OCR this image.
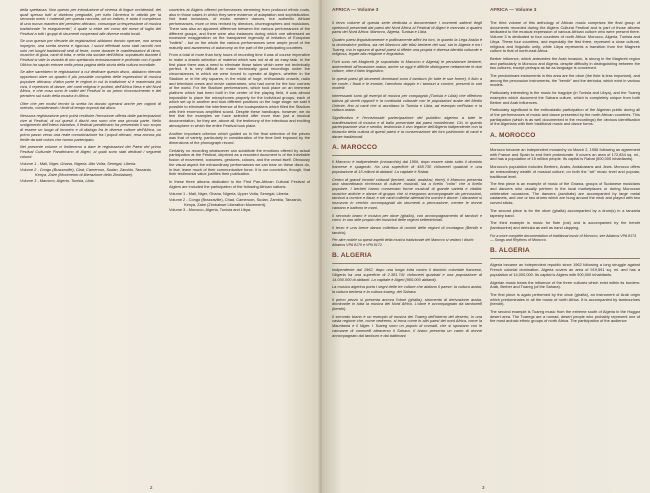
della spettanza. Non questo per introduzione di cinema di lingue occidentali, dei quali spesso tutti si dividono pregiudizi, per tutto l'America in attività per la seconda metà. I materiali per questa raccolta, ad un indizio, è stato il complesso di una nuova maniera del pensiero africano, comunque un'espressione di musica tradizionale "in eseguimento", il quale si ebbe nel corso del mese di luglio del Festival a tutti i gruppi di strumenti cooperanti alle diverse realtà locali.

Se una questa per rilevarle da registrazioni abbiamo dovuto operare, non senza impegno, una scelta severa e rigorosa. I suoni effettuati sono stati raccolti non solo nei luoghi tradizionali sedi di feste, come durante le manifestazioni di ritmo, musiche di gioia, canti di lotta, e nella vita sociale dell'Africa: soprattutto durante il Festival si vide la vivacità di uno spettacolo entusiasmante e profondo con il quale l'Africa ha saputo entrare nella prima pagina della storia della cultura mondiale.

Se altre sarebbero le registrazioni a cui dedicare questo disco, abbiamo ritenuto opportuno dare un quadro il più possibile completo delle espressioni di musica popolare africana; d'altra parte le regioni in cui la tradizione si è mantenuta più viva, il repertorio di danze, dei canti religiosi e profani, dell'Africa Nera e del Nord Africa, e che cosa sono le radici del Festival in un primo riconoscimento e del pensiero sul ruolo della musica in Africa.

Oltre che per motivi tecnici la scelta ha dovuto operarsi anche per ragioni di metodo, considerando i limiti di tempo imposti dal disco.

Nessuna registrazione però potrà restituire l'emozione offerta dalle partecipazioni vive al Festival, di cui questi 4 dischi non sono che una piccola parte. Nello svolgimento dell'intera iniziativa, il festival panafricano ha presentato il suo scopo di essere un luogo di incontro e di dialogo fra le diverse culture dell'Africa, un primo passo verso una reale comunicazione fra i popoli africani, resa ancora più fertile da tutti coloro che hanno partecipato.

Nel presente volume ci limiteremo a dare le registrazioni dei Paesi del primo Festival Culturale Panafricano di Algeri, ai quali sono stati dedicati i seguenti volumi:

Volume 1 - Mali, Niger, Ghana, Nigeria, Alto Volta, Senegal, Liberia.
Volume 2 - Congo (Brazzaville), Ciad, Cameroun, Sudan, Zambia, Tanzania, Kenya, Zaire (Movimento di liberazione dello Zimbabwe).
Volume 3 - Marocco, Algeria, Tunisia, Libia.

countries at Algiers offered performances stemming from profound ethnic roots, also in those cases in which they were evidence of adaptation and sophistication. Not least inclusions, of exotic western dances, but authentic African performances, more or less revised by directors, choreographers and musicians. There was also an apparent difference between the various performances of the different groups, and there were also instances during which one witnessed an excessive exaggeration on the transparent ingenuity of imitation of European "ballets" - but on the whole the various performances were ample proof of the maturity and awareness of autonomy on the part of the participating countries.

From a total of more than forty hours of recording time it was of course imperative to make a drastic selection of material which was not at all an easy task. In the first place there was a need to eliminate those takes which were not technically perfect. It is very difficult to make technically good recordings under the circumstances in which we were forced to operate at Algiers, whether in the Stadium or in the city squares, in the midst of huge, enthusiastic crowds, radio and television crews and movie cameramen, who had come for the four corners of the world. For the Stadium performances, which took place on an immense platform which had been built in the center of the playing field, it was almost impossible to place the microphones properly for the individual groups, each of which set up in another and took different positions on the huge stage: we said it possible to eliminate the interference of the loudspeakers which filled the Stadium with their enormous amplified sound. Despite these handicaps, however, we do feel that the examples we have selected offer more than just a musical documentation, for they are, above all, the testimony of the infectious and exciting atmosphere in which the entire Festival took place.

Another important criterion which guided us in the final selection of the pieces was that of variety, particularly in consideration of the time limit imposed by the dimensions of the phonograph record.

Certainly no recording whatsoever can substitute the emotions offered by actual participation at the Festival, deprived as a recorded document is of the inevitable fusion of movement, costumes, gestures, colours, and the crowd itself. Obviously the visual aspect the extraordinary performances we can hear on these discs do, in fact, leave much of their communicative force. It is our conviction, though, that their testimonial value justifies their publication.

In these three albums dedicated to the First Pan-African Cultural Festival of Algiers are included the participation of the following African nations:

Volume 1 - Mali, Niger, Ghana, Nigeria, Upper Volta, Senegal, Liberia.
Volume 2 - Congo (Brazzaville), Chad, Cameroon, Sudan, Zambia, Tanzania, Kenya, Zaire (Zimbabwe Liberation Movement).
Volume 3 - Morocco, Algeria, Tunisia and Libya.
2
AFRICA — Volume 3

Il terzo volume di questa serie dedicata a documentare i momenti salienti degli spettacoli presentati dai paesi del Nord Africa al Festival di Algeri è riservato a quattro paesi del Nord Africa: Marocco, Algeria, Tunisia e Libia.

Quattro paesi linguisticamente e politicamente affini tra loro, in quanto la Lega Araba è la dominatrice politica, sia nel Marocco alle tribù berbere del sud, sia in Algeria e tra i Tuareg, ma in ognuno di questi paesi si riflette una propria e diversa identità culturale e religiosa, legate alla religione e linguistica.

Forti sono nel Maghreb (e soprattutto in Marocco e Algeria) le persistenze berbere, antecedenti all'invasione araba, anche se oggi è difficile distinguere nettamente le due culture, oltre il fatto linguistico.

In questi paesi gli strumenti dominanti sono il tamburo (in tutte le sue forme), il liuto a tre corde, i flauti e le trombe, l'aerofono doppio e i tamburi a cornice, presenti in vari modelli.

Interessanti sono gli esempi di musica per compagnia (Tunisia e Libia) che riflettono tuttora gli stretti rapporti e la continuità culturale con le popolazioni arabe del Medio Oriente, fino ai canti che si ascoltano in Tunisia e Libia, ad esempio nell'Islam e la cultura araba.

Significativa è l'eccezionale partecipazione del pubblico algerino a tutte le manifestazioni di musica e di ballo presentate dai paesi nordafricani. Ciò, in quanto partecipazione viva e sentita, testimonia il vivo legame dell'Algeria indipendente con la rinascita della cultura di questi paesi e la conservazione del loro patrimonio di canti e danze tradizionali.

A. MAROCCO

Il Marocco è indipendente (monarchia) dal 1956, dopo essere stato sotto il dominio francese e spagnolo. Ha una superficie di 458.730 chilometri quadrati e una popolazione di 15 milioni di abitanti. La capitale è Rabat.

Centro di grandi incontri culturali (berberi, arabi, andalusi, ebrei), il Marocco presenta una straordinaria ricchezza di culture musicali, sia a livello "colto" che a livello popolare. I berberi hanno conservato forme musicali di grande varietà e vitalità: musiche antiche e danze di gruppo che si eseguono accompagnate da percussioni, tamburi a cornice e flauti, e nei canti collettivi alternati fra uomini e donne. I danzatori si muovono in cerchio accompagnati da strumenti a percussione, mentre le donne cantano e battono le mani.

Il secondo brano è musica per oboe (ghaïta), con accompagnamento di tamburi e corni, in uno stile proprio dei musicisti delle regioni settentrionali.

Il terzo è una breve danza collettiva di uomini delle regioni di montagna (Bendir e tambûr).

Per altre notizie su questi aspetti della musica tradizionale del Marocco si vedano i dischi: Albatros VPA 8170 e VPA 8172.
B. ALGERIA

Indipendente dal 1962, dopo una lunga lotta contro il dominio coloniale francese, l'Algeria ha una superficie di 2.381.741 chilometri quadrati e una popolazione di 14.000.000 di abitanti. La capitale è Algeri (900.000 abitanti).

La musica algerina porta i segni delle tre culture che abitano il paese: la cultura araba, la cultura berbera e la cultura tuareg, del Sahara.

Il primo pezzo si presenta ancora l'oboe (ghaïta), strumento di derivazione araba, dominante in tutta la musica del Nord Africa. L'oboe è accompagnato da tamburelli (bendir).

Il secondo brano è un esempio di musica dei Tuareg dell'interno del deserto, in una vasta regione che, come vedremo, si trova come in altri paesi del nord Africa, come la Mauritania e il Niger. I Tuareg sono un popolo di nomadi, che si spostano con le carovane di cammelli attraverso il Sahara. Il brano presenta un canto di donne accompagnato dal tamburo e dai battimani.

AFRICA — Volume 3

The third volume of this anthology of African music comprises the final group of documents recorded during the Algiers Cultural Festival and is part of those albums dedicated to the musical expression of various African culture who were present there. Volume 3 is dedicated to four countries of north Africa: Morocco, Algeria, Tunisia and Libya. These four countries, and especially the first three, represent a close cultural, religious and linguistic unity, while Libya represents a transition from the Maghreb culture to that of north-east Africa.

Berber influence, which antecedes the Arab invasion, is strong in the Maghreb region and particularly in Morocco and Algeria, despite difficulty in distinguishing between the two cultures, except perhaps as far as language is concerned.

The predominant instruments in this area are the oboe (the flute is less important), and among the percussion instruments, the "bendir" and the derbuka, which exist in various models.

Particularly interesting is the music for bagpipe (in Tunisia and Libya), and the Tuareg examples which document the Sahara culture, which is completely unique from both Berber and Arab influences.

Particularly significant is the enthusiastic participation of the Algerian public during all of the performances of music and dance presented by the north African countries. This participation (which is as well documented in the recordings) the obvious identification of the Algerians with their traditional music and dance forms.

A. MOROCCO

Morocco became an independent monarchy on March 2, 1956 following an agreement with France and Spain to end their protectorate. It covers an area of 172,834 sq. mi., and has a population of 15 million people. Its capital is Rabat (500,000 inhabitants).

Morocco's population includes Berbers, Arabs, Andalusians and Jews. Morocco offers an extraordinary wealth of musical culture, on both the "art" music level and popular, traditional level.

The first piece is an example of music of the Gnawa, groups of Sudanese musicians and dancers who usually perform in the local marketplaces or during Moroccan celebrative occasions. The dancers (acrobats) are accompanied by large metal castanets, and one or two drums which are hung around the neck and played with two curved sticks.

The second piece is for the oboe (ghaïta) accompanied by a drum(s) in a tanzaria tapestry band.

The third example is music for flute (nai) and is accompanied by the bendir (tambourine) and derbuka as well as hand clapping.

For a more complete documentation of traditional music of Morocco, see Albatros VPA 8174 — Songs and Rhythms of Morocco.
B. ALGERIA

Algeria became an independent republic since 1962 following a long struggle against French colonial domination. Algeria covers an area of 919,591 sq. mi. and has a population of 14,000,000. Its capital is Algiers with 900,000 inhabitants.

Algerian music bears the influence of the three cultures which exist within its borders: Arab, Berber and Tuareg (of the Sahara).

The first piece is again performed by the oboe (ghaïta), an instrument of Arab origin which predominates in all the music of north Africa. It is accompanied by tambourines (bendir).

The second example is Tuareg music from the extreme south of Algeria in the Hoggar desert area. The Tuaregs are a nomad, desert people who probably represent one of the most archaic ethnic groups of north Africa. The participation of the audience

3
